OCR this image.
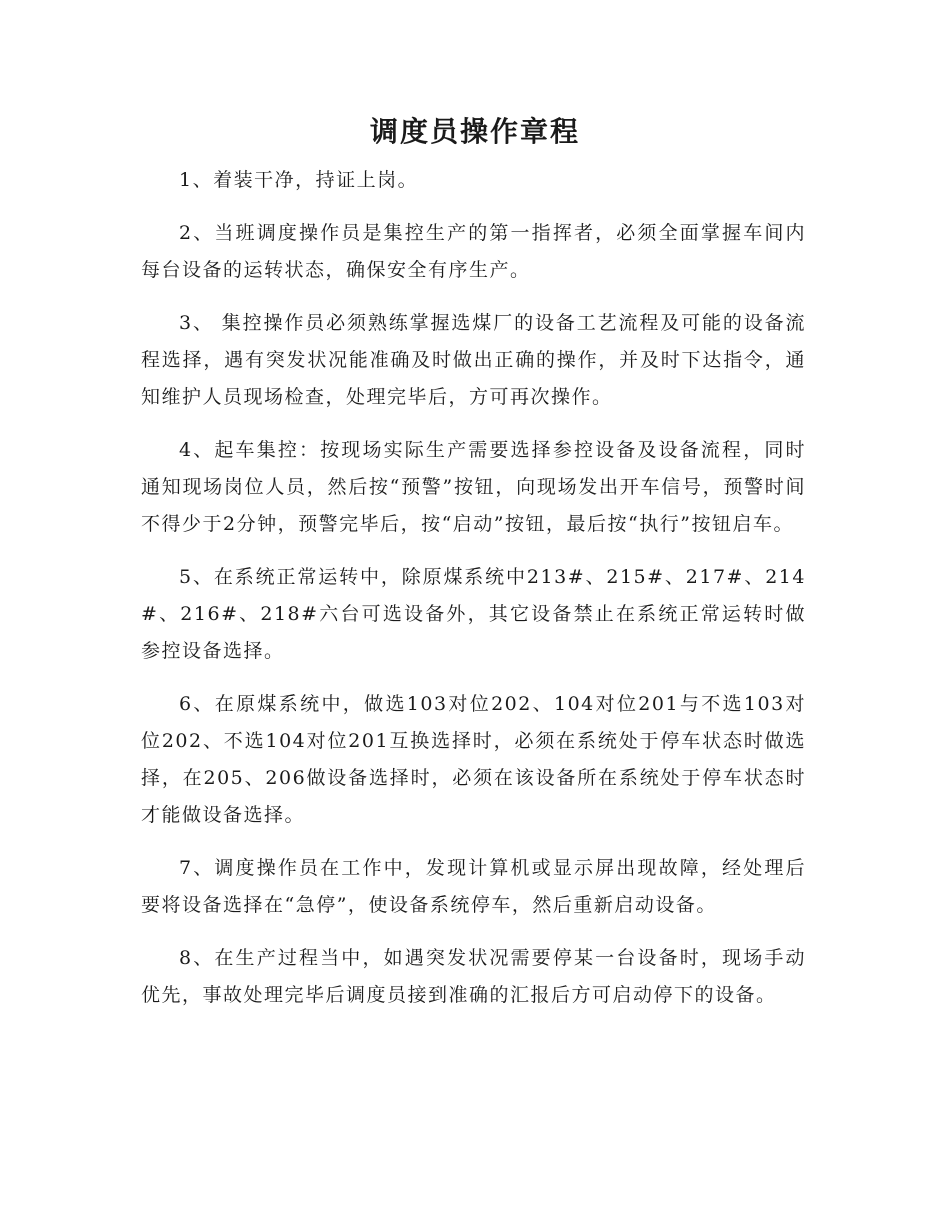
调度员操作章程

1、着装干净，持证上岗。

2、当班调度操作员是集控生产的第一指挥者，必须全面掌握车间内每台设备的运转状态，确保安全有序生产。

3、 集控操作员必须熟练掌握选煤厂的设备工艺流程及可能的设备流程选择，遇有突发状况能准确及时做出正确的操作，并及时下达指令，通知维护人员现场检查，处理完毕后，方可再次操作。

4、起车集控：按现场实际生产需要选择参控设备及设备流程，同时通知现场岗位人员，然后按“预警”按钮，向现场发出开车信号，预警时间不得少于2分钟，预警完毕后，按“启动”按钮，最后按“执行”按钮启车。

5、在系统正常运转中，除原煤系统中213#、215#、217#、214#、216#、218#六台可选设备外，其它设备禁止在系统正常运转时做参控设备选择。

6、在原煤系统中，做选103对位202、104对位201与不选103对位202、不选104对位201互换选择时，必须在系统处于停车状态时做选择，在205、206做设备选择时，必须在该设备所在系统处于停车状态时才能做设备选择。

7、调度操作员在工作中，发现计算机或显示屏出现故障，经处理后要将设备选择在“急停”，使设备系统停车，然后重新启动设备。

8、在生产过程当中，如遇突发状况需要停某一台设备时，现场手动优先，事故处理完毕后调度员接到准确的汇报后方可启动停下的设备。
